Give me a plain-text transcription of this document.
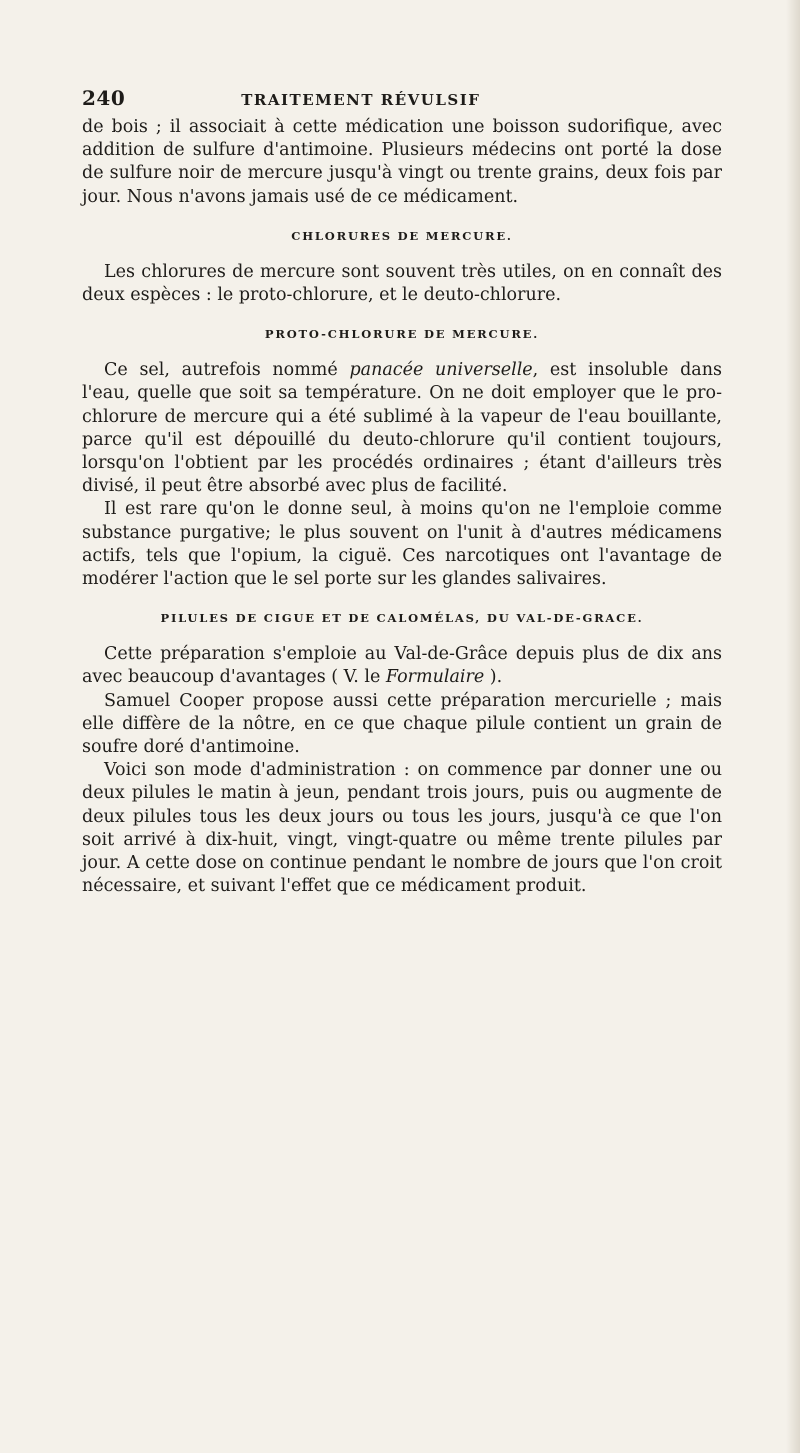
240	TRAITEMENT RÉVULSIF

de bois ; il associait à cette médication une boisson sudorifique, avec addition de sulfure d'antimoine. Plusieurs médecins ont porté la dose de sulfure noir de mercure jusqu'à vingt ou trente grains, deux fois par jour. Nous n'avons jamais usé de ce médicament.

CHLORURES DE MERCURE.

Les chlorures de mercure sont souvent très utiles, on en connaît des deux espèces : le proto-chlorure, et le deuto-chlorure.

PROTO-CHLORURE DE MERCURE.

Ce sel, autrefois nommé panacée universelle, est insoluble dans l'eau, quelle que soit sa température. On ne doit employer que le pro-chlorure de mercure qui a été sublimé à la vapeur de l'eau bouillante, parce qu'il est dépouillé du deuto-chlorure qu'il contient toujours, lorsqu'on l'obtient par les procédés ordinaires ; étant d'ailleurs très divisé, il peut être absorbé avec plus de facilité.

Il est rare qu'on le donne seul, à moins qu'on ne l'emploie comme substance purgative; le plus souvent on l'unit à d'autres médicamens actifs, tels que l'opium, la ciguë. Ces narcotiques ont l'avantage de modérer l'action que le sel porte sur les glandes salivaires.

PILULES DE CIGUE ET DE CALOMÉLAS, DU VAL-DE-GRACE.

Cette préparation s'emploie au Val-de-Grâce depuis plus de dix ans avec beaucoup d'avantages ( V. le Formulaire ).

Samuel Cooper propose aussi cette préparation mercurielle ; mais elle diffère de la nôtre, en ce que chaque pilule contient un grain de soufre doré d'antimoine.

Voici son mode d'administration : on commence par donner une ou deux pilules le matin à jeun, pendant trois jours, puis ou augmente de deux pilules tous les deux jours ou tous les jours, jusqu'à ce que l'on soit arrivé à dix-huit, vingt, vingt-quatre ou même trente pilules par jour. A cette dose on continue pendant le nombre de jours que l'on croit nécessaire, et suivant l'effet que ce médicament produit.
